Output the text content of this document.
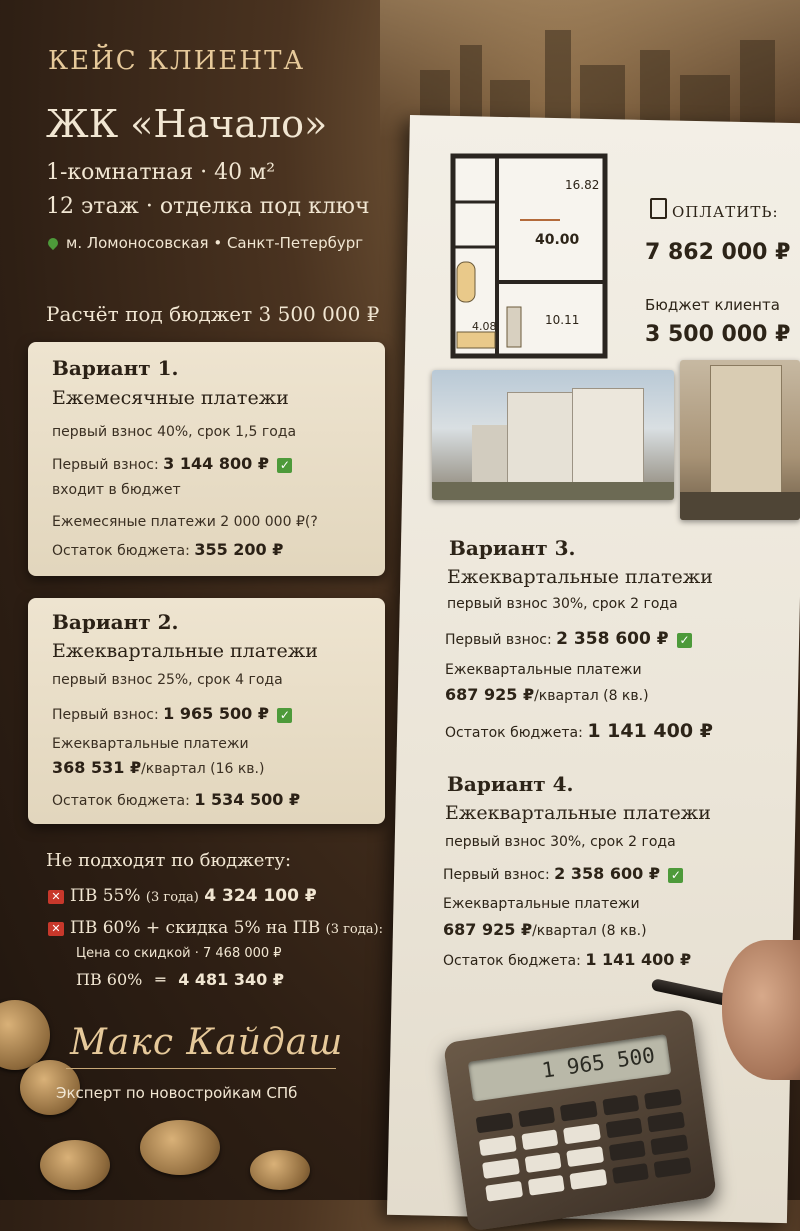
16.82

40.00

10.11

4.08

ОПЛАТИТЬ:

7 862 000 ₽

Бюджет клиента

3 500 000 ₽

КЕЙС КЛИЕНТА

ЖК «Начало»

1-комнатная · 40 м²

12 этаж · отделка под ключ

м. Ломоносовская • Санкт-Петербург

Расчёт под бюджет 3 500 000 ₽

Вариант 1.

Ежемесячные платежи

первый взнос 40%, срок 1,5 года

Первый взнос: 3 144 800 ₽ ✓

входит в бюджет

Ежемесяные платежи 2 000 000 ₽(?

Остаток бюджета: 355 200 ₽

Вариант 2.

Ежеквартальные платежи

первый взнос 25%, срок 4 года

Первый взнос: 1 965 500 ₽ ✓

Ежеквартальные платежи

368 531 ₽/квартал (16 кв.)
Остаток бюджета: 1 534 500 ₽

Вариант 3.

Ежеквартальные платежи

первый взнос 30%, срок 2 года

Первый взнос: 2 358 600 ₽ ✓

Ежеквартальные платежи

687 925 ₽/квартал (8 кв.)
Остаток бюджета: 1 141 400 ₽

Вариант 4.

Ежеквартальные платежи

первый взнос 30%, срок 2 года

Первый взнос: 2 358 600 ₽ ✓

Ежеквартальные платежи

687 925 ₽/квартал (8 кв.)
Остаток бюджета: 1 141 400 ₽
1 965 500

Не подходят по бюджету:

✕ ПВ 55% (3 года) 4 324 100 ₽
✕ ПВ 60% + скидка 5% на ПВ (3 года):

Цена со скидкой · 7 468 000 ₽

ПВ 60% ═ 4 481 340 ₽

Макс Кайдаш

Эксперт по новостройкам СПб
